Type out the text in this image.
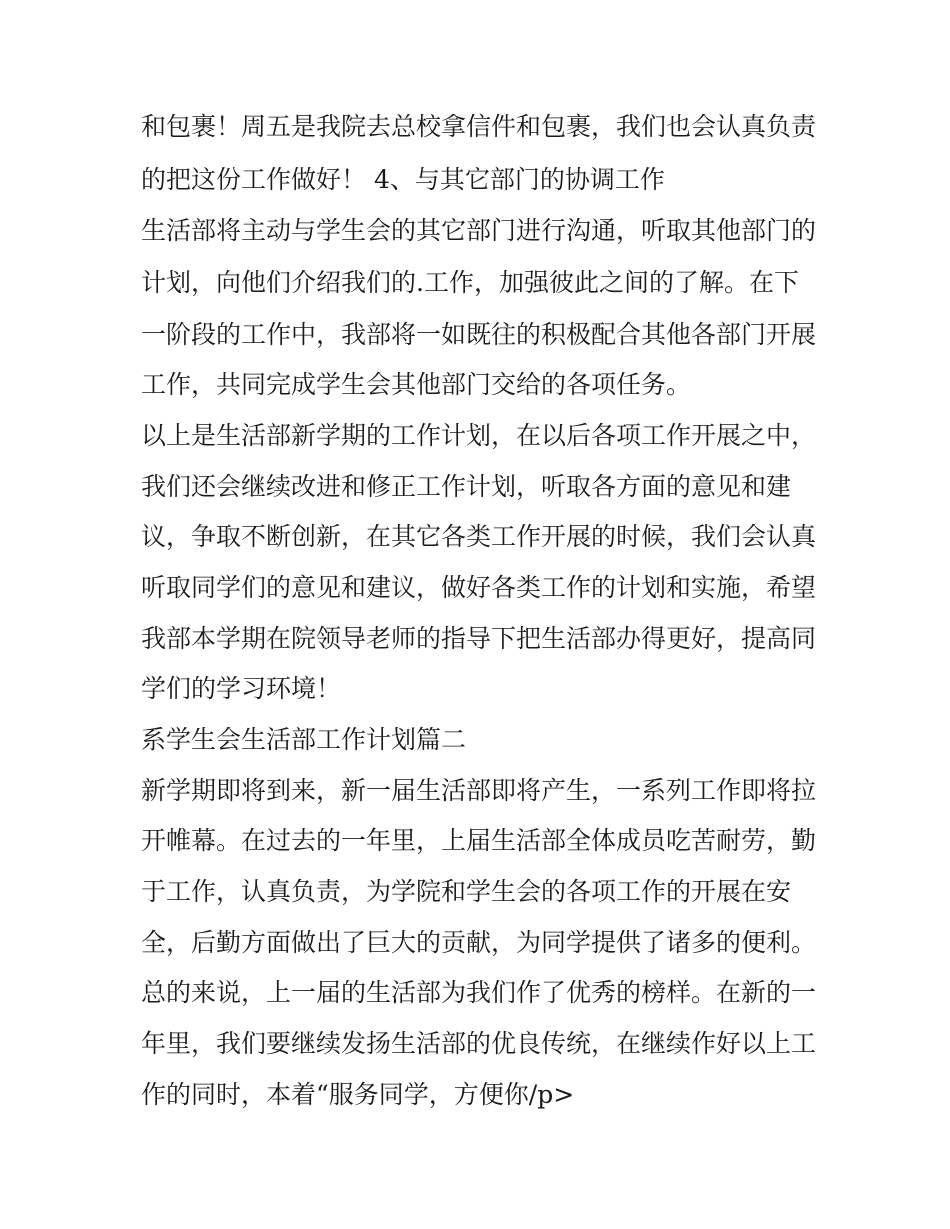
和包裹！周五是我院去总校拿信件和包裹，我们也会认真负责
的把这份工作做好！ 4、与其它部门的协调工作
生活部将主动与学生会的其它部门进行沟通，听取其他部门的
计划，向他们介绍我们的.工作，加强彼此之间的了解。在下
一阶段的工作中，我部将一如既往的积极配合其他各部门开展
工作，共同完成学生会其他部门交给的各项任务。
以上是生活部新学期的工作计划，在以后各项工作开展之中，
我们还会继续改进和修正工作计划，听取各方面的意见和建
议，争取不断创新，在其它各类工作开展的时候，我们会认真
听取同学们的意见和建议，做好各类工作的计划和实施，希望
我部本学期在院领导老师的指导下把生活部办得更好，提高同
学们的学习环境！
系学生会生活部工作计划篇二
新学期即将到来，新一届生活部即将产生，一系列工作即将拉
开帷幕。在过去的一年里，上届生活部全体成员吃苦耐劳，勤
于工作，认真负责，为学院和学生会的各项工作的开展在安
全，后勤方面做出了巨大的贡献，为同学提供了诸多的便利。
总的来说，上一届的生活部为我们作了优秀的榜样。在新的一
年里，我们要继续发扬生活部的优良传统，在继续作好以上工
作的同时，本着“服务同学，方便你/p>
